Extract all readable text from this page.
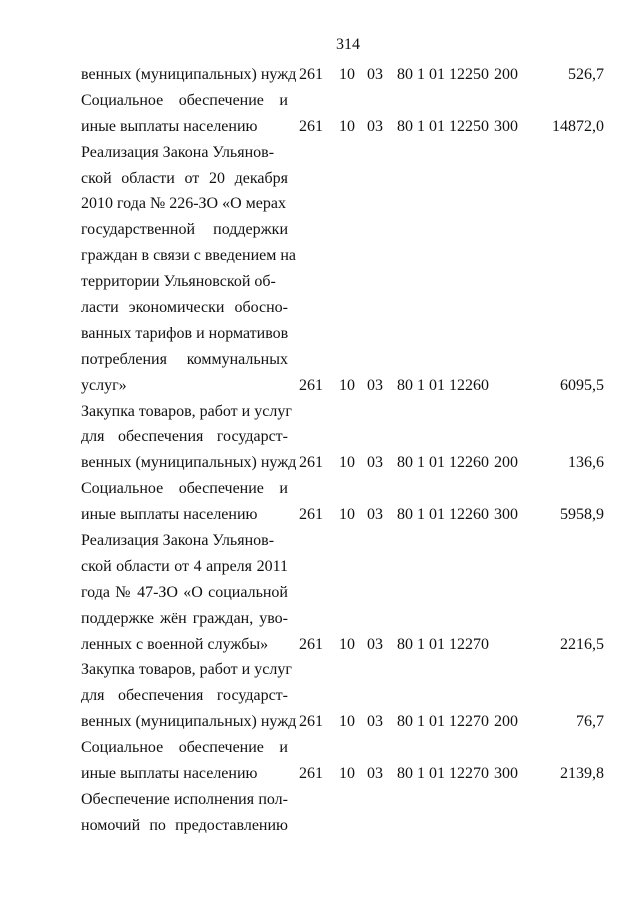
314
венных (муниципальных) нужд 261 10 03 80 1 01 12250 200	526,7
Социальное обеспечение и
иные выплаты населению	261 10 03 80 1 01 12250 300 14872,0
Реализация Закона Ульянов-
ской области от 20 декабря
2010 года № 226-ЗО «О мерах
государственной поддержки
граждан в связи с введением на
территории Ульяновской об-
ласти экономически обосно-
ванных тарифов и нормативов
потребления коммунальных
услуг»	261 10 03 80 1 01 12260	6095,5
Закупка товаров, работ и услуг
для обеспечения государст-
венных (муниципальных) нужд 261 10 03 80 1 01 12260 200	136,6
Социальное обеспечение и
иные выплаты населению	261 10 03 80 1 01 12260 300	5958,9
Реализация Закона Ульянов-
ской области от 4 апреля 2011
года № 47-ЗО «О социальной
поддержке жён граждан, уво-
ленных с военной службы»	261 10 03 80 1 01 12270	2216,5
Закупка товаров, работ и услуг
для обеспечения государст-
венных (муниципальных) нужд 261 10 03 80 1 01 12270 200	76,7
Социальное обеспечение и
иные выплаты населению	261 10 03 80 1 01 12270 300	2139,8
Обеспечение исполнения пол-
номочий по предоставлению
